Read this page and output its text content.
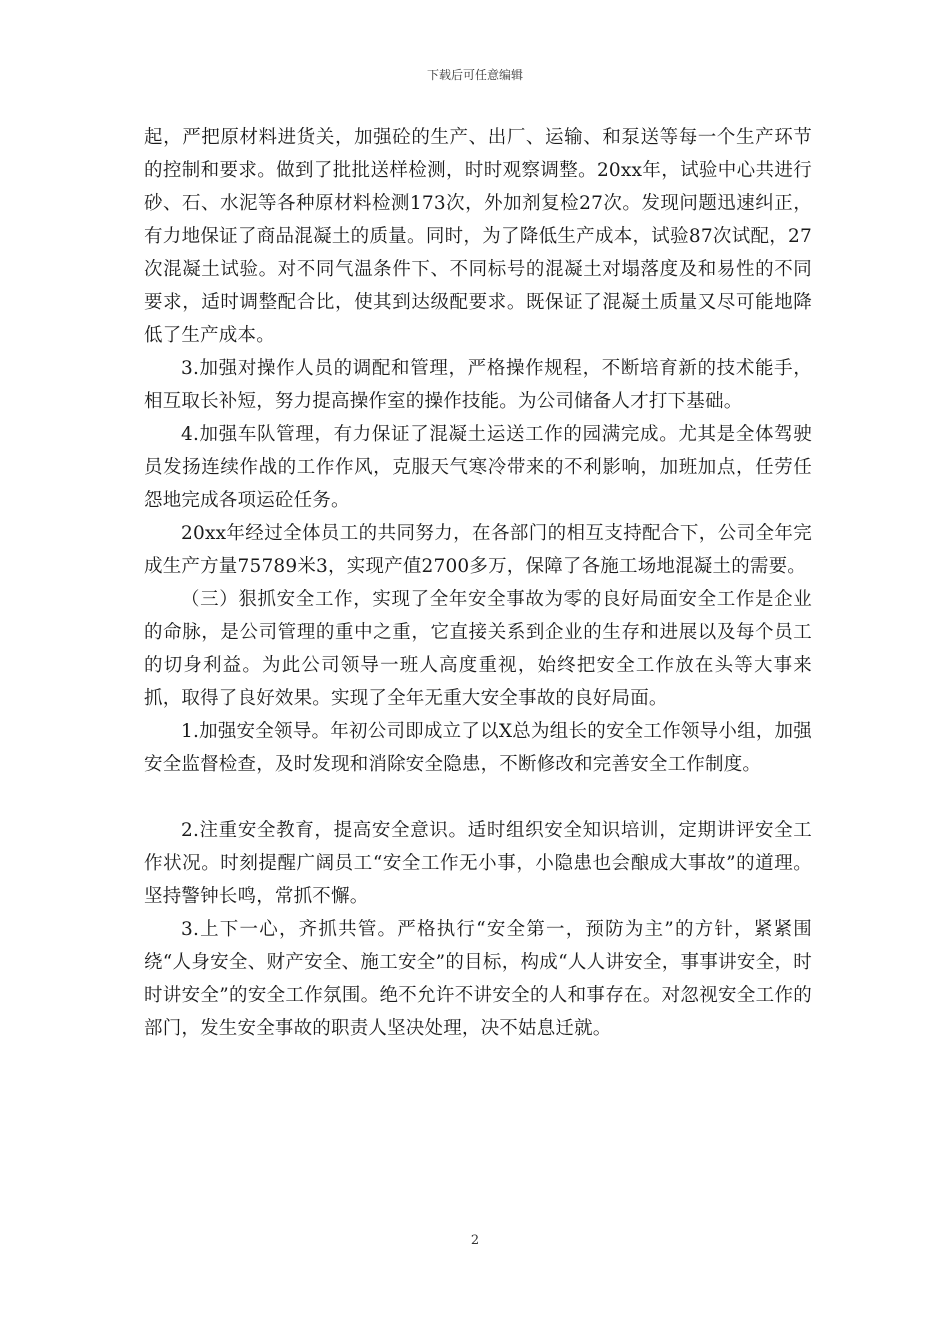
下载后可任意编辑

起，严把原材料进货关，加强砼的生产、出厂、运输、和泵送等每一个生产环节的控制和要求。做到了批批送样检测，时时观察调整。20xx年，试验中心共进行砂、石、水泥等各种原材料检测173次，外加剂复检27次。发现问题迅速纠正，有力地保证了商品混凝土的质量。同时，为了降低生产成本，试验87次试配，27次混凝土试验。对不同气温条件下、不同标号的混凝土对塌落度及和易性的不同要求，适时调整配合比，使其到达级配要求。既保证了混凝土质量又尽可能地降低了生产成本。

3.加强对操作人员的调配和管理，严格操作规程，不断培育新的技术能手，相互取长补短，努力提高操作室的操作技能。为公司储备人才打下基础。

4.加强车队管理，有力保证了混凝土运送工作的园满完成。尤其是全体驾驶员发扬连续作战的工作作风，克服天气寒冷带来的不利影响，加班加点，任劳任怨地完成各项运砼任务。

20xx年经过全体员工的共同努力，在各部门的相互支持配合下，公司全年完成生产方量75789米3，实现产值2700多万，保障了各施工场地混凝土的需要。

（三）狠抓安全工作，实现了全年安全事故为零的良好局面安全工作是企业的命脉，是公司管理的重中之重，它直接关系到企业的生存和进展以及每个员工的切身利益。为此公司领导一班人高度重视，始终把安全工作放在头等大事来抓，取得了良好效果。实现了全年无重大安全事故的良好局面。

1.加强安全领导。年初公司即成立了以X总为组长的安全工作领导小组，加强安全监督检查，及时发现和消除安全隐患，不断修改和完善安全工作制度。

2.注重安全教育，提高安全意识。适时组织安全知识培训，定期讲评安全工作状况。时刻提醒广阔员工“安全工作无小事，小隐患也会酿成大事故”的道理。坚持警钟长鸣，常抓不懈。

3.上下一心，齐抓共管。严格执行“安全第一，预防为主”的方针，紧紧围绕“人身安全、财产安全、施工安全”的目标，构成“人人讲安全，事事讲安全，时时讲安全”的安全工作氛围。绝不允许不讲安全的人和事存在。对忽视安全工作的部门，发生安全事故的职责人坚决处理，决不姑息迁就。

2
